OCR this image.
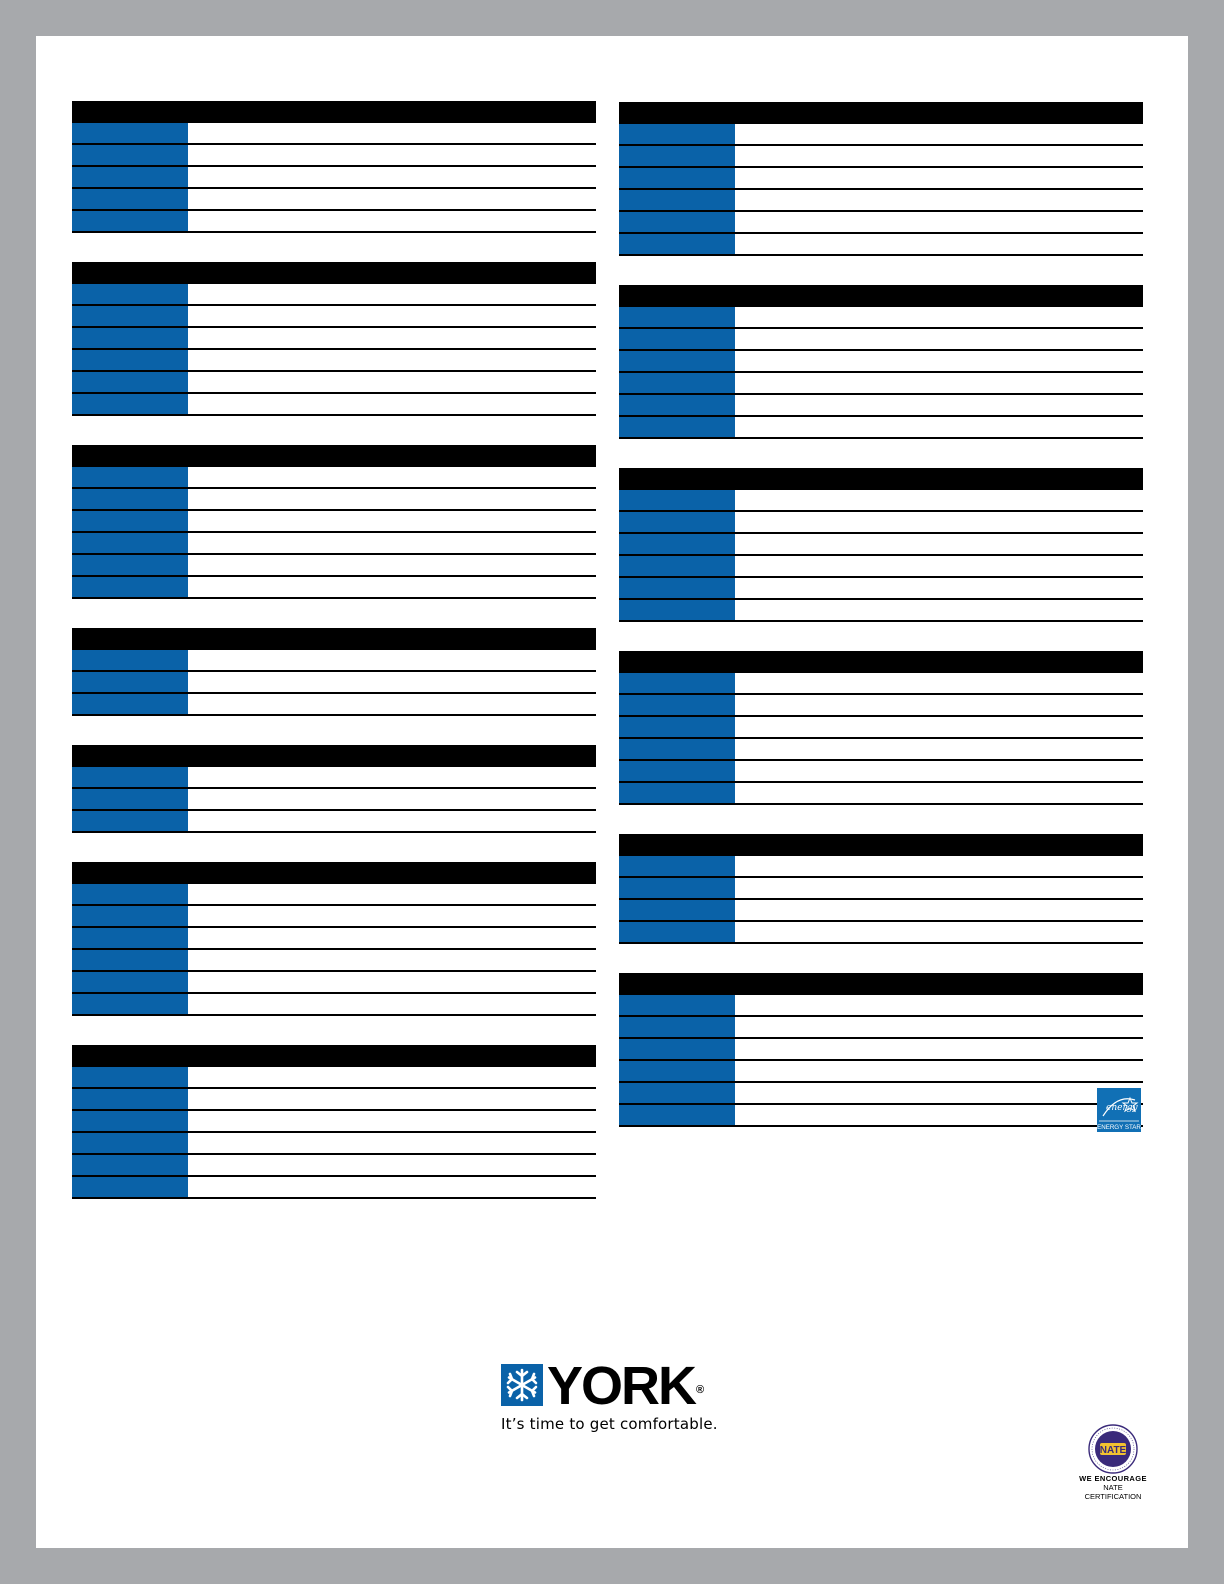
energy
ENERGY STAR
YORK®
It’s time to get comfortable.
NATE
WE ENCOURAGE
NATE
CERTIFICATION
